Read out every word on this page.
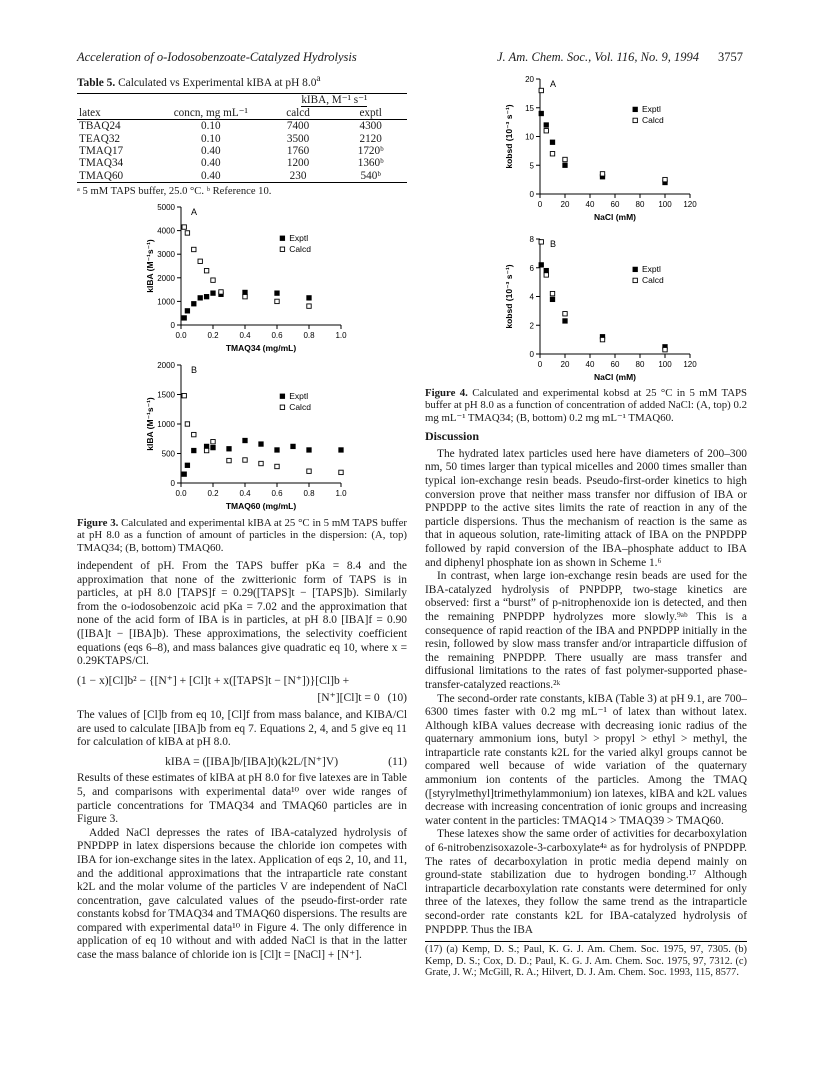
Acceleration of o-Iodosobenzoate-Catalyzed Hydrolysis	J. Am. Chem. Soc., Vol. 116, No. 9, 1994 3757
Table 5. Calculated vs Experimental kIBA at pH 8.0$^a$

		kIBA, M⁻¹ s⁻¹	
latex	concn, mg mL⁻¹	calcd	exptl

TBAQ24	0.10	7400	4300
TEAQ32	0.10	3500	2120
TMAQ17	0.40	1760	1720ᵇ
TMAQ34	0.40	1200	1360ᵇ
TMAQ60	0.40	230	540ᵇ

ᵃ 5 mM TAPS buffer, 25.0 °C. ᵇ Reference 10.
0
1000
2000
3000
4000
5000
0.0	0.2	0.4	0.6	0.8	1.0
A
TMAQ34 (mg/mL)
kIBA (M⁻¹s⁻¹)
Exptl
Calcd
0
500
1000
1500
2000
0.0	0.2	0.4	0.6	0.8	1.0
B
TMAQ60 (mg/mL)
kIBA (M⁻¹s⁻¹)
Exptl
Calcd
Figure 3. Calculated and experimental kIBA at 25 °C in 5 mM TAPS buffer at pH 8.0 as a function of amount of particles in the dispersion: (A, top) TMAQ34; (B, bottom) TMAQ60.

independent of pH. From the TAPS buffer pKa = 8.4 and the approximation that none of the zwitterionic form of TAPS is in particles, at pH 8.0 [TAPS]f = 0.29([TAPS]t − [TAPS]b). Similarly from the o-iodosobenzoic acid pKa = 7.02 and the approximation that none of the acid form of IBA is in particles, at pH 8.0 [IBA]f = 0.90 ([IBA]t − [IBA]b). These approximations, the selectivity coefficient equations (eqs 6–8), and mass balances give quadratic eq 10, where x = 0.29KTAPS/Cl.

(1 − x)[Cl]b² − {[N⁺] + [Cl]t + x([TAPS]t − [N⁺])}[Cl]b +
[N⁺][Cl]t = 0 (10)

The values of [Cl]b from eq 10, [Cl]f from mass balance, and KIBA/Cl are used to calculate [IBA]b from eq 7. Equations 2, 4, and 5 give eq 11 for calculation of kIBA at pH 8.0.

kIBA = ([IBA]b/[IBA]t)(k2L/[N⁺]V)	(11)

Results of these estimates of kIBA at pH 8.0 for five latexes are in Table 5, and comparisons with experimental data¹⁰ over wide ranges of particle concentrations for TMAQ34 and TMAQ60 particles are in Figure 3.

Added NaCl depresses the rates of IBA-catalyzed hydrolysis of PNPDPP in latex dispersions because the chloride ion competes with IBA for ion-exchange sites in the latex. Application of eqs 2, 10, and 11, and the additional approximations that the intraparticle rate constant k2L and the molar volume of the particles V are independent of NaCl concentration, gave calculated values of the pseudo-first-order rate constants kobsd for TMAQ34 and TMAQ60 dispersions. The results are compared with experimental data¹⁰ in Figure 4. The only difference in application of eq 10 without and with added NaCl is that in the latter case the mass balance of chloride ion is [Cl]t = [NaCl] + [N⁺].

0
5
10
15
20
0 20 40 60 80 100 120
A
NaCl (mM)
kobsd (10⁻³ s⁻¹)	Exptl
Calcd
0
2
4
6
8
0 20 40 60 80 100 120
B
NaCl (mM)
kobsd (10⁻³ s⁻¹)	Exptl
Calcd
Figure 4. Calculated and experimental kobsd at 25 °C in 5 mM TAPS buffer at pH 8.0 as a function of concentration of added NaCl: (A, top) 0.2 mg mL⁻¹ TMAQ34; (B, bottom) 0.2 mg mL⁻¹ TMAQ60.
Discussion

The hydrated latex particles used here have diameters of 200–300 nm, 50 times larger than typical micelles and 2000 times smaller than typical ion-exchange resin beads. Pseudo-first-order kinetics to high conversion prove that neither mass transfer nor diffusion of IBA or PNPDPP to the active sites limits the rate of reaction in any of the particle dispersions. Thus the mechanism of reaction is the same as that in aqueous solution, rate-limiting attack of IBA on the PNPDPP followed by rapid conversion of the IBA–phosphate adduct to IBA and diphenyl phosphate ion as shown in Scheme 1.⁶

In contrast, when large ion-exchange resin beads are used for the IBA-catalyzed hydrolysis of PNPDPP, two-stage kinetics are observed: first a “burst” of p-nitrophenoxide ion is detected, and then the remaining PNPDPP hydrolyzes more slowly.⁹ᵃᵇ This is a consequence of rapid reaction of the IBA and PNPDPP initially in the resin, followed by slow mass transfer and/or intraparticle diffusion of the remaining PNPDPP. There usually are mass transfer and diffusional limitations to the rates of fast polymer-supported phase-transfer-catalyzed reactions.²ᵏ

The second-order rate constants, kIBA (Table 3) at pH 9.1, are 700–6300 times faster with 0.2 mg mL⁻¹ of latex than without latex. Although kIBA values decrease with decreasing ionic radius of the quaternary ammonium ions, butyl > propyl > ethyl > methyl, the intraparticle rate constants k2L for the varied alkyl groups cannot be compared well because of wide variation of the quaternary ammonium ion contents of the particles. Among the TMAQ ([styrylmethyl]trimethylammonium) ion latexes, kIBA and k2L values decrease with increasing concentration of ionic groups and increasing water content in the particles: TMAQ14 > TMAQ39 > TMAQ60.

These latexes show the same order of activities for decarboxylation of 6-nitrobenzisoxazole-3-carboxylate⁴ᵃ as for hydrolysis of PNPDPP. The rates of decarboxylation in protic media depend mainly on ground-state stabilization due to hydrogen bonding.¹⁷ Although intraparticle decarboxylation rate constants were determined for only three of the latexes, they follow the same trend as the intraparticle second-order rate constants k2L for IBA-catalyzed hydrolysis of PNPDPP. Thus the IBA

(17) (a) Kemp, D. S.; Paul, K. G. J. Am. Chem. Soc. 1975, 97, 7305. (b) Kemp, D. S.; Cox, D. D.; Paul, K. G. J. Am. Chem. Soc. 1975, 97, 7312. (c) Grate, J. W.; McGill, R. A.; Hilvert, D. J. Am. Chem. Soc. 1993, 115, 8577.
